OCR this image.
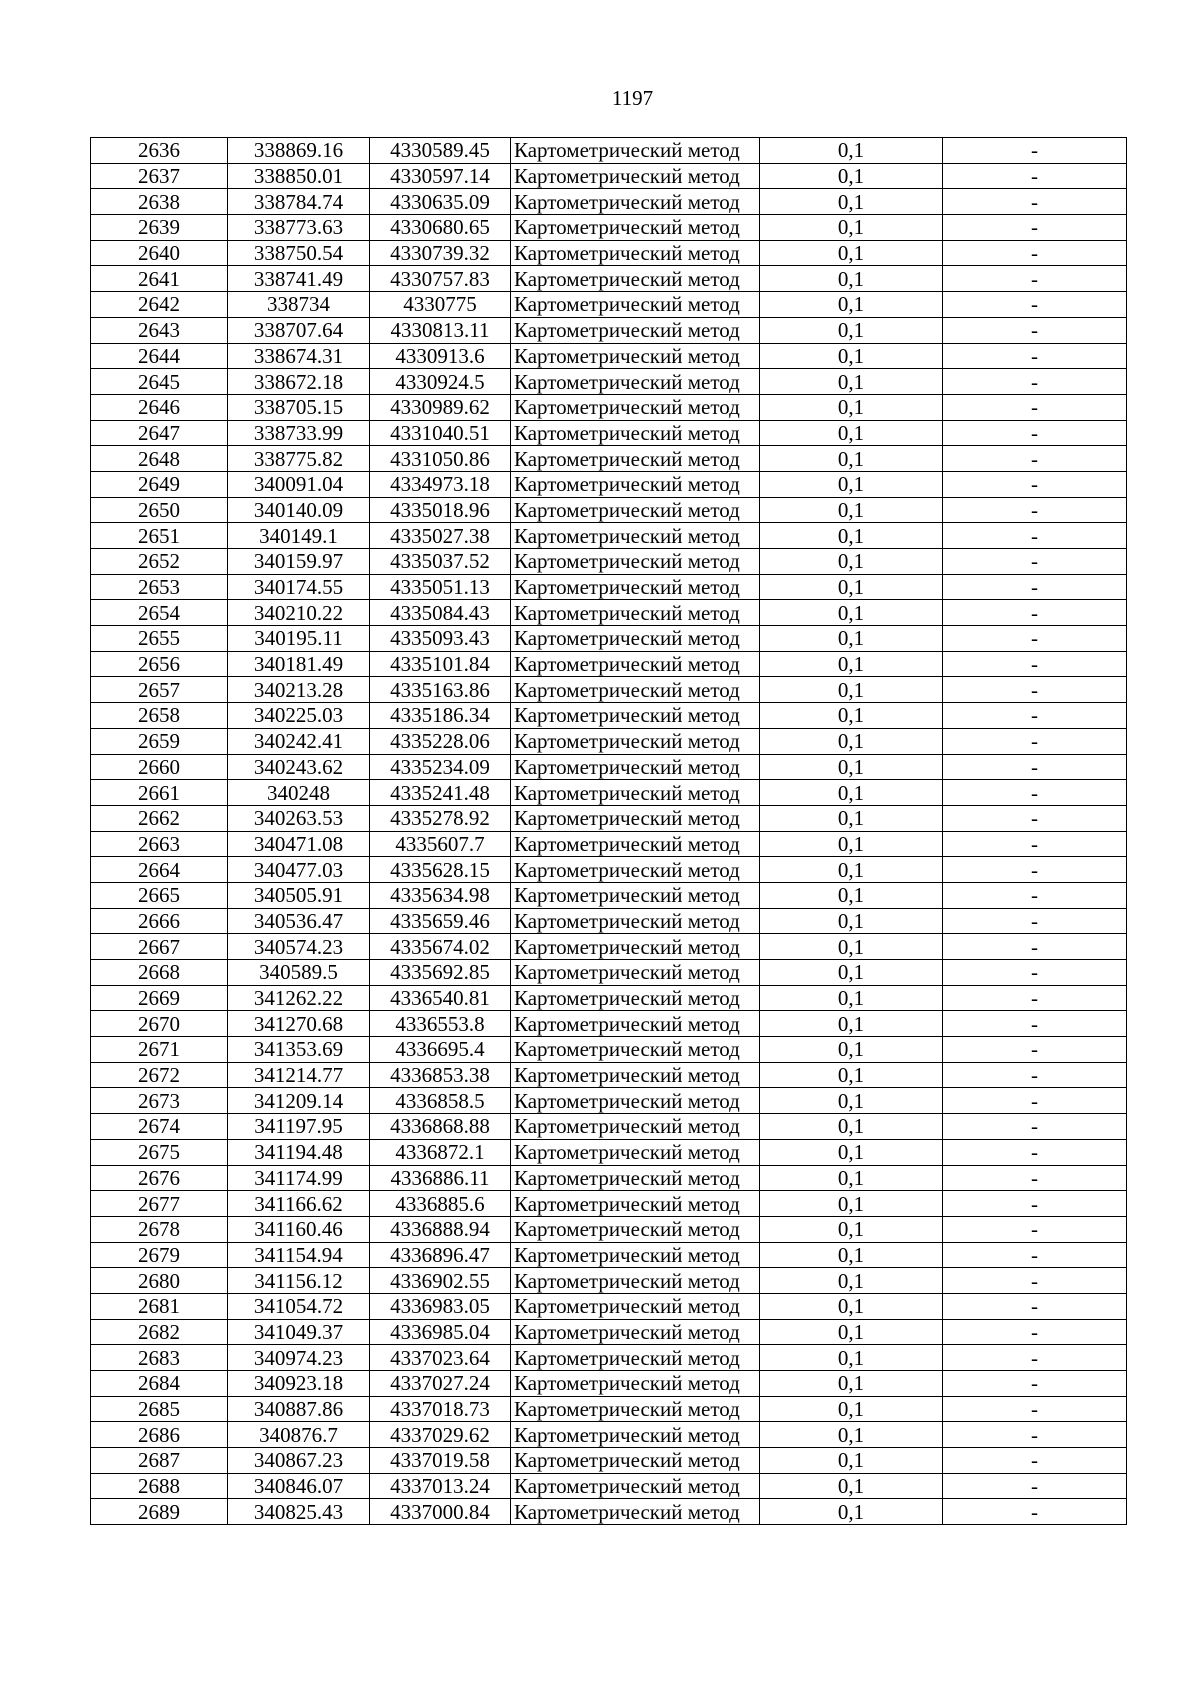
1197
2636	338869.16	4330589.45	Картометрический метод	0,1	-
2637	338850.01	4330597.14	Картометрический метод	0,1	-
2638	338784.74	4330635.09	Картометрический метод	0,1	-
2639	338773.63	4330680.65	Картометрический метод	0,1	-
2640	338750.54	4330739.32	Картометрический метод	0,1	-
2641	338741.49	4330757.83	Картометрический метод	0,1	-
2642	338734	4330775	Картометрический метод	0,1	-
2643	338707.64	4330813.11	Картометрический метод	0,1	-
2644	338674.31	4330913.6	Картометрический метод	0,1	-
2645	338672.18	4330924.5	Картометрический метод	0,1	-
2646	338705.15	4330989.62	Картометрический метод	0,1	-
2647	338733.99	4331040.51	Картометрический метод	0,1	-
2648	338775.82	4331050.86	Картометрический метод	0,1	-
2649	340091.04	4334973.18	Картометрический метод	0,1	-
2650	340140.09	4335018.96	Картометрический метод	0,1	-
2651	340149.1	4335027.38	Картометрический метод	0,1	-
2652	340159.97	4335037.52	Картометрический метод	0,1	-
2653	340174.55	4335051.13	Картометрический метод	0,1	-
2654	340210.22	4335084.43	Картометрический метод	0,1	-
2655	340195.11	4335093.43	Картометрический метод	0,1	-
2656	340181.49	4335101.84	Картометрический метод	0,1	-
2657	340213.28	4335163.86	Картометрический метод	0,1	-
2658	340225.03	4335186.34	Картометрический метод	0,1	-
2659	340242.41	4335228.06	Картометрический метод	0,1	-
2660	340243.62	4335234.09	Картометрический метод	0,1	-
2661	340248	4335241.48	Картометрический метод	0,1	-
2662	340263.53	4335278.92	Картометрический метод	0,1	-
2663	340471.08	4335607.7	Картометрический метод	0,1	-
2664	340477.03	4335628.15	Картометрический метод	0,1	-
2665	340505.91	4335634.98	Картометрический метод	0,1	-
2666	340536.47	4335659.46	Картометрический метод	0,1	-
2667	340574.23	4335674.02	Картометрический метод	0,1	-
2668	340589.5	4335692.85	Картометрический метод	0,1	-
2669	341262.22	4336540.81	Картометрический метод	0,1	-
2670	341270.68	4336553.8	Картометрический метод	0,1	-
2671	341353.69	4336695.4	Картометрический метод	0,1	-
2672	341214.77	4336853.38	Картометрический метод	0,1	-
2673	341209.14	4336858.5	Картометрический метод	0,1	-
2674	341197.95	4336868.88	Картометрический метод	0,1	-
2675	341194.48	4336872.1	Картометрический метод	0,1	-
2676	341174.99	4336886.11	Картометрический метод	0,1	-
2677	341166.62	4336885.6	Картометрический метод	0,1	-
2678	341160.46	4336888.94	Картометрический метод	0,1	-
2679	341154.94	4336896.47	Картометрический метод	0,1	-
2680	341156.12	4336902.55	Картометрический метод	0,1	-
2681	341054.72	4336983.05	Картометрический метод	0,1	-
2682	341049.37	4336985.04	Картометрический метод	0,1	-
2683	340974.23	4337023.64	Картометрический метод	0,1	-
2684	340923.18	4337027.24	Картометрический метод	0,1	-
2685	340887.86	4337018.73	Картометрический метод	0,1	-
2686	340876.7	4337029.62	Картометрический метод	0,1	-
2687	340867.23	4337019.58	Картометрический метод	0,1	-
2688	340846.07	4337013.24	Картометрический метод	0,1	-
2689	340825.43	4337000.84	Картометрический метод	0,1	-
